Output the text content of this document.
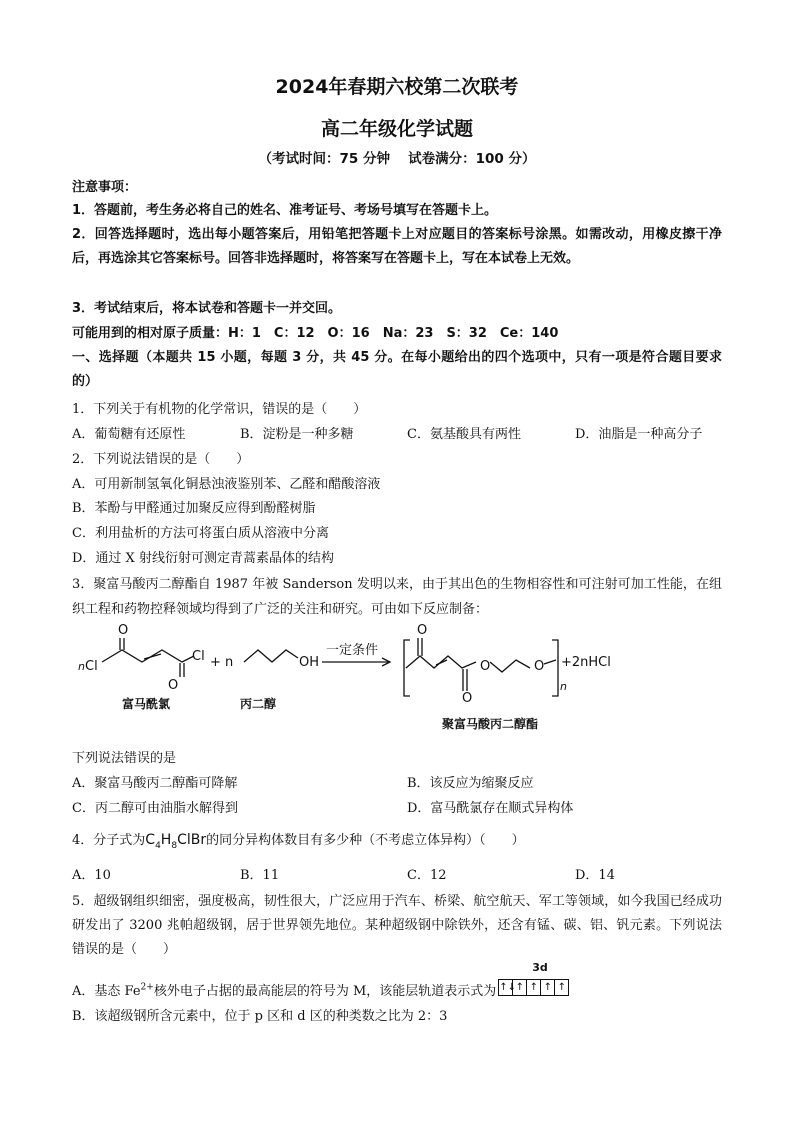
2024年春期六校第二次联考
高二年级化学试题
（考试时间：75 分钟　 试卷满分：100 分）
注意事项：
1．答题前，考生务必将自己的姓名、准考证号、考场号填写在答题卡上。
2．回答选择题时，选出每小题答案后，用铅笔把答题卡上对应题目的答案标号涂黑。如需改动，用橡皮擦干净后，再选涂其它答案标号。回答非选择题时，将答案写在答题卡上，写在本试卷上无效。
3．考试结束后，将本试卷和答题卡一并交回。
可能用到的相对原子质量：H：1　C：12　O：16　Na：23　S：32　Ce：140
一、选择题（本题共 15 小题，每题 3 分，共 45 分。在每小题给出的四个选项中，只有一项是符合题目要求的）
1．下列关于有机物的化学常识，错误的是（　　）
A．葡萄糖有还原性	B．淀粉是一种多糖	C．氨基酸具有两性	D．油脂是一种高分子
2．下列说法错误的是（　　）
A．可用新制氢氧化铜悬浊液鉴别苯、乙醛和醋酸溶液
B．苯酚与甲醛通过加聚反应得到酚醛树脂
C．利用盐析的方法可将蛋白质从溶液中分离
D．通过 X 射线衍射可测定青蒿素晶体的结构
3．聚富马酸丙二醇酯自 1987 年被 Sanderson 发明以来，由于其出色的生物相容性和可注射可加工性能，在组织工程和药物控释领域均得到了广泛的关注和研究。可由如下反应制备：
n Cl
O
O
Cl + n	OH
一定条件
O
O
O
O
n
+2nHCl
富马酰氯	丙二醇
聚富马酸丙二醇酯
下列说法错误的是
A．聚富马酸丙二醇酯可降解	B．该反应为缩聚反应
C．丙二醇可由油脂水解得到	D．富马酰氯存在顺式异构体
4．分子式为$C_4H_8ClBr$的同分异构体数目有多少种（不考虑立体异构）（　　）
A．10	B．11	C．12	D．14
5．超级钢组织细密，强度极高，韧性很大，广泛应用于汽车、桥梁、航空航天、军工等领域，如今我国已经成功研发出了 3200 兆帕超级钢，居于世界领先地位。某种超级钢中除铁外，还含有锰、碳、铝、钒元素。下列说法错误的是（　　）
A．基态 $Fe^{2+}$核外电子占据的最高能层的符号为 M，该能层轨道表示式为
3d
↑↓ ↑ ↑ ↑ ↑
B．该超级钢所含元素中，位于 p 区和 d 区的种类数之比为 2：3
